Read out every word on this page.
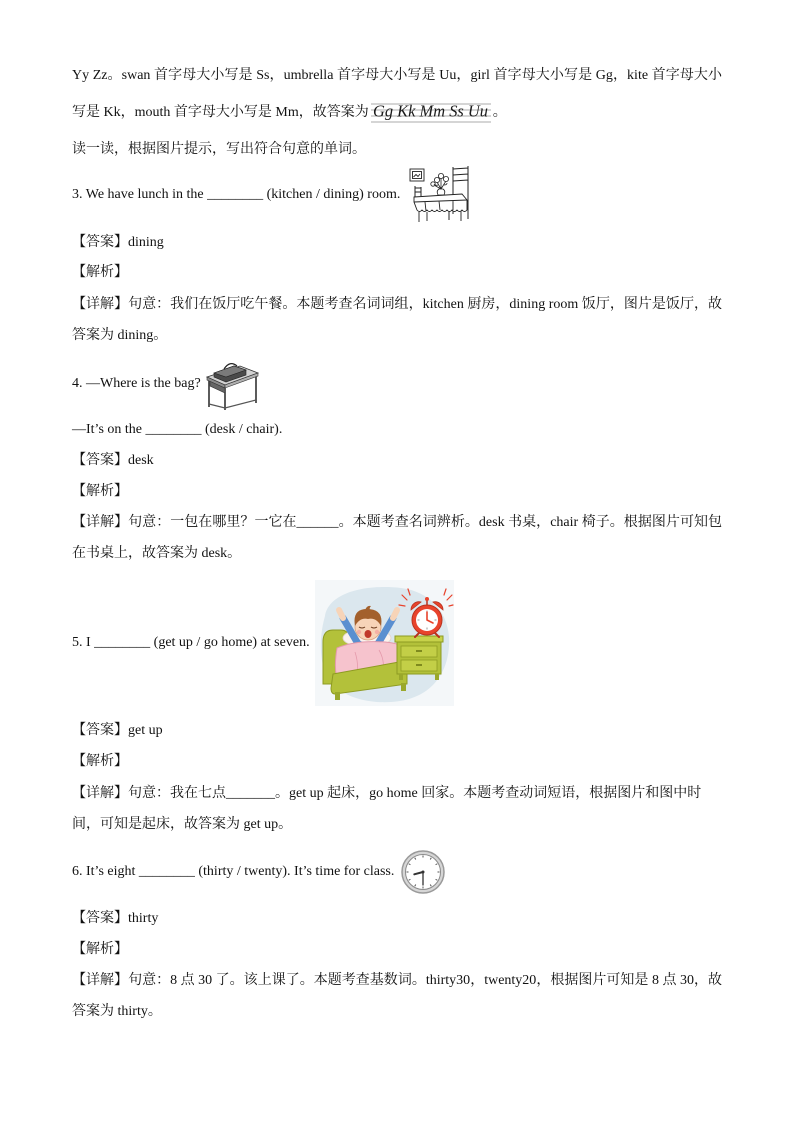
Yy Zz。swan 首字母大小写是 Ss，umbrella 首字母大小写是 Uu，girl 首字母大小写是 Gg，kite 首字母大小
写是 Kk，mouth 首字母大小写是 Mm，故答案为 Gg Kk Mm Ss Uu 。
读一读，根据图片提示，写出符合句意的单词。
3. We have lunch in the ________ (kitchen / dining) room.
【答案】dining
【解析】
【详解】句意：我们在饭厅吃午餐。本题考查名词词组，kitchen 厨房，dining room 饭厅，图片是饭厅，故
答案为 dining。
4. —Where is the bag?
—It’s on the ________ (desk / chair).
【答案】desk
【解析】
【详解】句意：一包在哪里？一它在______。本题考查名词辨析。desk 书桌，chair 椅子。根据图片可知包
在书桌上，故答案为 desk。
5. I ________ (get up / go home) at seven.
【答案】get up
【解析】
【详解】句意：我在七点_______。get up 起床，go home 回家。本题考查动词短语，根据图片和图中时
间，可知是起床，故答案为 get up。
6. It’s eight ________ (thirty / twenty). It’s time for class.
【答案】thirty
【解析】
【详解】句意：8 点 30 了。该上课了。本题考查基数词。thirty30，twenty20，根据图片可知是 8 点 30，故
答案为 thirty。
